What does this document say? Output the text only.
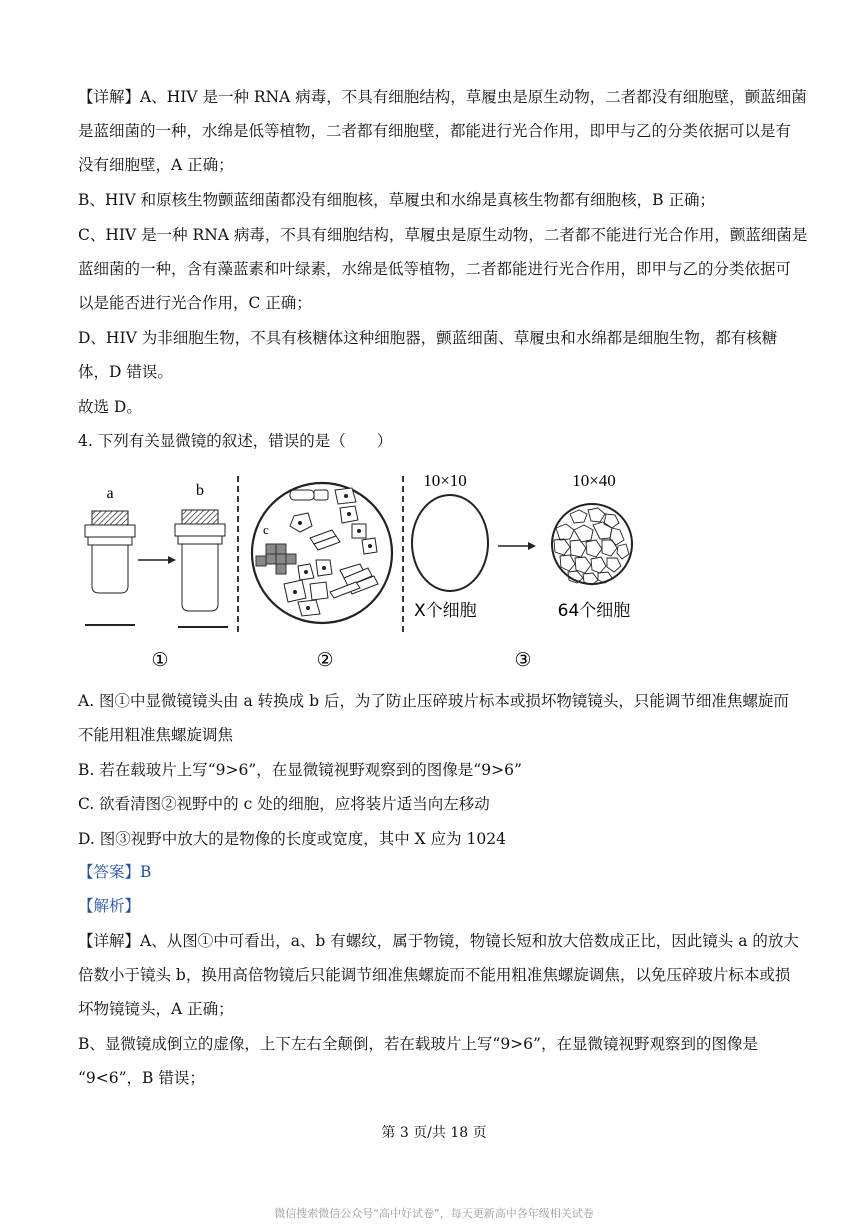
【详解】A、HIV 是一种 RNA 病毒，不具有细胞结构，草履虫是原生动物，二者都没有细胞壁，颤蓝细菌
是蓝细菌的一种，水绵是低等植物，二者都有细胞壁，都能进行光合作用，即甲与乙的分类依据可以是有
没有细胞壁，A 正确；
B、HIV 和原核生物颤蓝细菌都没有细胞核，草履虫和水绵是真核生物都有细胞核，B 正确；
C、HIV 是一种 RNA 病毒，不具有细胞结构，草履虫是原生动物，二者都不能进行光合作用，颤蓝细菌是
蓝细菌的一种，含有藻蓝素和叶绿素，水绵是低等植物，二者都能进行光合作用，即甲与乙的分类依据可
以是能否进行光合作用，C 正确；
D、HIV 为非细胞生物，不具有核糖体这种细胞器，颤蓝细菌、草履虫和水绵都是细胞生物，都有核糖
体，D 错误。
故选 D。
4. 下列有关显微镜的叙述，错误的是（　　）
a	b
c
10×10	10×40
X个细胞	64个细胞
①	②	③
A. 图①中显微镜镜头由 a 转换成 b 后，为了防止压碎玻片标本或损坏物镜镜头，只能调节细准焦螺旋而
不能用粗准焦螺旋调焦
B. 若在载玻片上写“9>6”，在显微镜视野观察到的图像是“9>6”
C. 欲看清图②视野中的 c 处的细胞，应将装片适当向左移动
D. 图③视野中放大的是物像的长度或宽度，其中 X 应为 1024
【答案】B
【解析】
【详解】A、从图①中可看出，a、b 有螺纹，属于物镜，物镜长短和放大倍数成正比，因此镜头 a 的放大
倍数小于镜头 b，换用高倍物镜后只能调节细准焦螺旋而不能用粗准焦螺旋调焦，以免压碎玻片标本或损
坏物镜镜头，A 正确；
B、显微镜成倒立的虚像，上下左右全颠倒，若在载玻片上写“9>6”，在显微镜视野观察到的图像是
“9<6”，B 错误；
第 3 页/共 18 页
微信搜索微信公众号“高中好试卷”，每天更新高中各年级相关试卷
